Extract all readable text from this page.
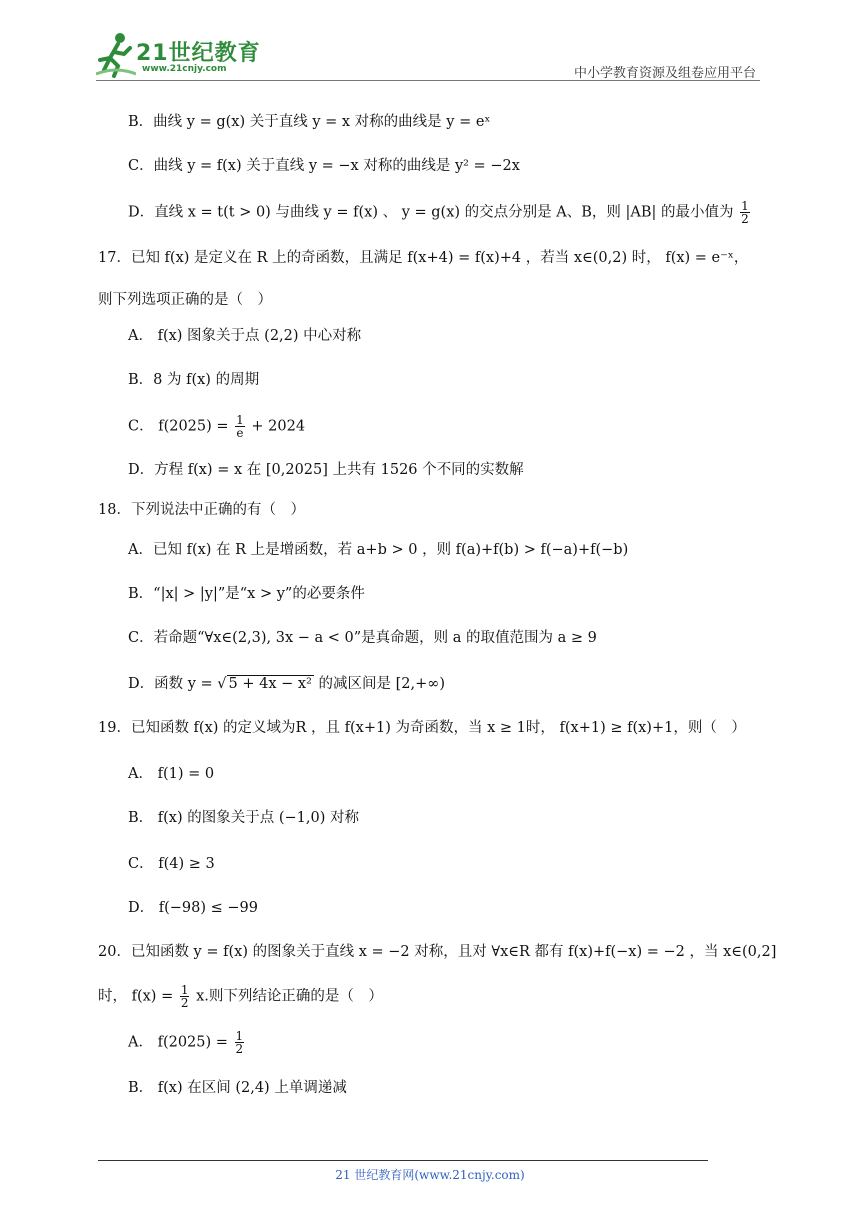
21世纪教育
www.21cnjy.com	中小学教育资源及组卷应用平台
B．曲线 y = g(x) 关于直线 y = x 对称的曲线是 y = eˣ
C．曲线 y = f(x) 关于直线 y = −x 对称的曲线是 y² = −2x
D．直线 x = t(t > 0) 与曲线 y = f(x) 、 y = g(x) 的交点分别是 A、B，则 |AB| 的最小值为 $\frac{1}{2}$
17．已知 f(x) 是定义在 R 上的奇函数，且满足 f(x+4) = f(x)+4 ，若当 x∈(0,2) 时， f(x) = e⁻ˣ，
则下列选项正确的是（　）
A． f(x) 图象关于点 (2,2) 中心对称
B．8 为 f(x) 的周期
C． $f(2025) = \frac{1}{e} + 2024$
D．方程 f(x) = x 在 [0,2025] 上共有 1526 个不同的实数解
18．下列说法中正确的有（　）
A．已知 f(x) 在 R 上是增函数，若 a+b > 0 ，则 f(a)+f(b) > f(−a)+f(−b)
B．“|x| > |y|”是“x > y”的必要条件
C．若命题“∀x∈(2,3), 3x − a < 0”是真命题，则 a 的取值范围为 a ≥ 9
D．函数 y = √ 5 + 4x − x² 的减区间是 [2,+∞)
19．已知函数 f(x) 的定义域为R ，且 f(x+1) 为奇函数，当 x ≥ 1时， f(x+1) ≥ f(x)+1，则（　）
A． f(1) = 0
B． f(x) 的图象关于点 (−1,0) 对称
C． f(4) ≥ 3
D． f(−98) ≤ −99
20．已知函数 y = f(x) 的图象关于直线 x = −2 对称，且对 ∀x∈R 都有 f(x)+f(−x) = −2 ，当 x∈(0,2]
时， $f(x) = \frac{1}{2} x$.则下列结论正确的是（　）
A． $f(2025) = \frac{1}{2}$
B． f(x) 在区间 (2,4) 上单调递减
21 世纪教育网(www.21cnjy.com)
